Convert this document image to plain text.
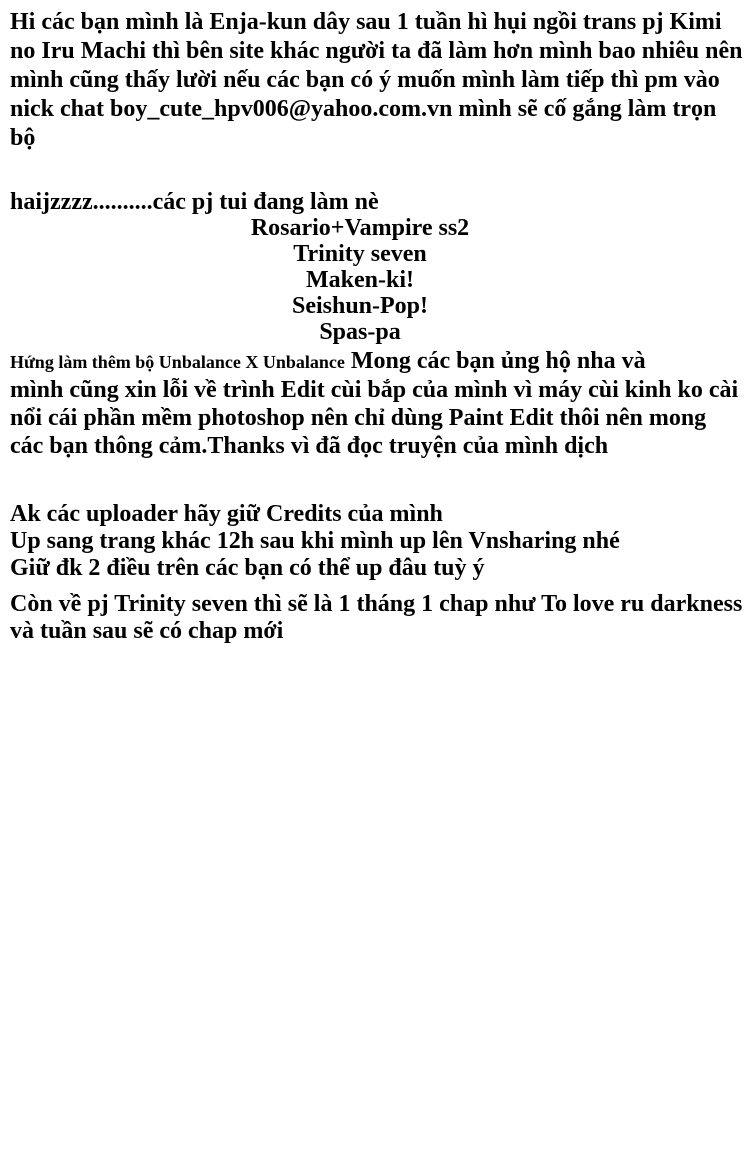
Hi các bạn mình là Enja-kun dây sau 1 tuần hì hụi ngồi trans pj Kimi
no Iru Machi thì bên site khác người ta đã làm hơn mình bao nhiêu nên
mình cũng thấy lười nếu các bạn có ý muốn mình làm tiếp thì pm vào
nick chat boy_cute_hpv006@yahoo.com.vn mình sẽ cố gắng làm trọn
bộ
haijzzzz..........các pj tui đang làm nè
Rosario+Vampire ss2
Trinity seven
Maken-ki!
Seishun-Pop!
Spas-pa
Hứng làm thêm bộ Unbalance X Unbalance Mong các bạn ủng hộ nha và
mình cũng xin lỗi về trình Edit cùi bắp của mình vì máy cùi kinh ko cài
nổi cái phần mềm photoshop nên chỉ dùng Paint Edit thôi nên mong
các bạn thông cảm.Thanks vì đã đọc truyện của mình dịch
Ak các uploader hãy giữ Credits của mình
Up sang trang khác 12h sau khi mình up lên Vnsharing nhé
Giữ đk 2 điều trên các bạn có thể up đâu tuỳ ý
Còn về pj Trinity seven thì sẽ là 1 tháng 1 chap như To love ru darkness
và tuần sau sẽ có chap mới
